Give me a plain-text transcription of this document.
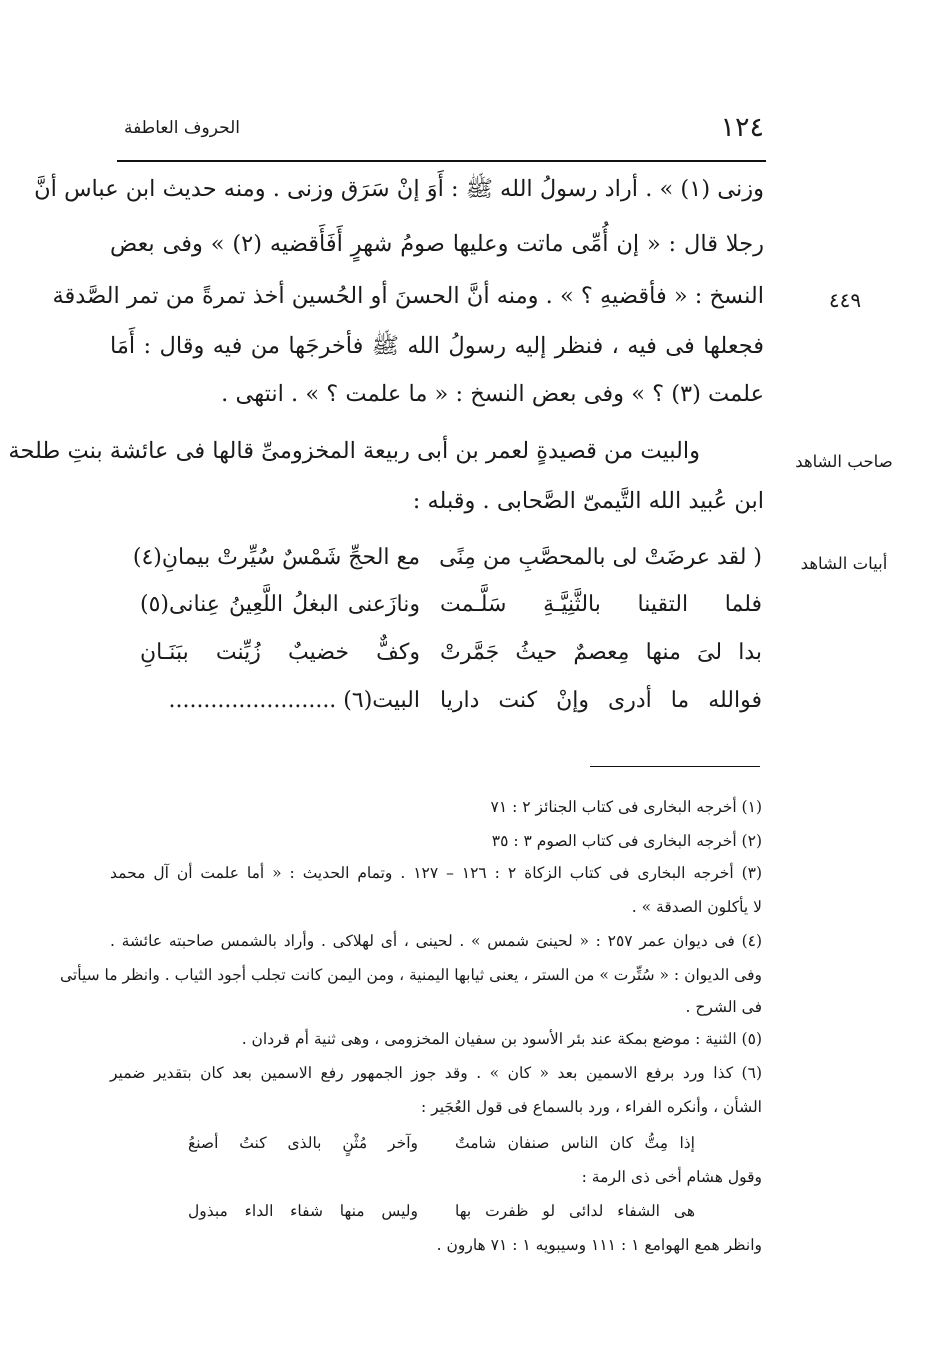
١٢٤
الحروف العاطفة
٤٤٩
صاحب الشاهد
أبيات الشاهد
وزنى (١) » . أراد رسولُ الله ﷺ : أَوَ إنْ سَرَق وزنى . ومنه حديث ابن عباس أنَّ
رجلا قال : « إن أُمِّى ماتت وعليها صومُ شهرٍ أَفَأَقضيه (٢) » وفى بعض
النسخ : « فأقضيهِ ؟ » . ومنه أنَّ الحسنَ أو الحُسين أخذ تمرةً من تمر الصَّدقة
فجعلها فى فيه ، فنظر إليه رسولُ الله ﷺ فأخرجَها من فيه وقال : أَمَا
علمت (٣) ؟ » وفى بعض النسخ : « ما علمت ؟ » . انتهى .
والبيت من قصيدةٍ لعمر بن أبى ربيعة المخزومىِّ قالها فى عائشة بنتِ طلحة
ابن عُبيد الله التَّيمىّ الصَّحابى . وقبله :
( لقد عرضَتْ لى بالمحصَّبِ من مِنًى
مع الحجِّ شَمْسٌ سُيِّرتْ بيمانِ(٤)
فلما التقينا بالثَّنِيَّـةِ سَلَّـمت
ونازَعنى البغلُ اللَّعِينُ عِنانى(٥)
بدا لىَ منها مِعصمٌ حيثُ جَمَّرتْ
وكفٌّ خضيبٌ زُيِّنت ببَنَـانِ
فوالله ما أدرى وإنْ كنت داريا
البيت(٦) ........................
(١) أخرجه البخارى فى كتاب الجنائز ٢ : ٧١
(٢) أخرجه البخارى فى كتاب الصوم ٣ : ٣٥
(٣) أخرجه البخارى فى كتاب الزكاة ٢ : ١٢٦ – ١٢٧ . وتمام الحديث : « أما علمت أن آل محمد
لا يأكلون الصدقة » .
(٤) فى ديوان عمر ٢٥٧ : « لحينىَ شمس » . لحينى ، أى لهلاكى . وأراد بالشمس صاحبته عائشة .
وفى الديوان : « سُتِّرت » من الستر ، يعنى ثيابها اليمنية ، ومن اليمن كانت تجلب أجود الثياب . وانظر ما سيأتى
فى الشرح .
(٥) الثنية : موضع بمكة عند بئر الأسود بن سفيان المخزومى ، وهى ثنية أم قردان .
(٦) كذا ورد برفع الاسمين بعد « كان » . وقد جوز الجمهور رفع الاسمين بعد كان بتقدير ضمير
الشأن ، وأنكره الفراء ، ورد بالسماع فى قول العُجَير :
إذا مِتُّ كان الناس صنفان شامتٌ
وآخر مُثْنٍ بالذى كنتُ أصنعُ
وقول هشام أخى ذى الرمة :
هى الشفاء لدائى لو ظفرت بها
وليس منها شفاء الداء مبذول
وانظر همع الهوامع ١ : ١١١ وسيبويه ١ : ٧١ هارون .
